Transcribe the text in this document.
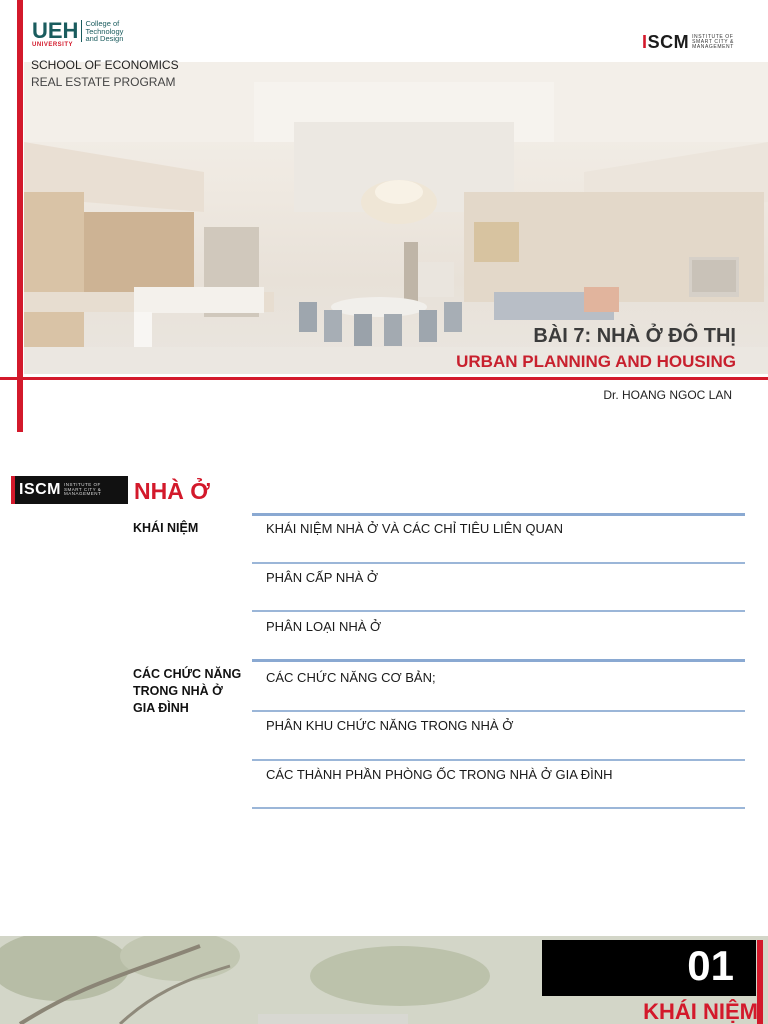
UEH
UNIVERSITY
College of
Technology
and Design	ISCM INSTITUTE OF
SMART CITY &
MANAGEMENT
SCHOOL OF ECONOMICS
REAL ESTATE PROGRAM
BÀI 7: NHÀ Ở ĐÔ THỊ
URBAN PLANNING AND HOUSING
Dr. HOANG NGOC LAN
ISCM INSTITUTE OF
SMART CITY &
MANAGEMENT NHÀ Ở
KHÁI NIỆM	KHÁI NIỆM NHÀ Ở VÀ CÁC CHỈ TIÊU LIÊN QUAN
PHÂN CẤP NHÀ Ở
PHÂN LOẠI NHÀ Ở
CÁC CHỨC NĂNG
TRONG NHÀ Ở
GIA ĐÌNH
CÁC CHỨC NĂNG CƠ BẢN;
PHÂN KHU CHỨC NĂNG TRONG NHÀ Ở
CÁC THÀNH PHẦN PHÒNG ỐC TRONG NHÀ Ở GIA ĐÌNH
01
KHÁI NIỆM
